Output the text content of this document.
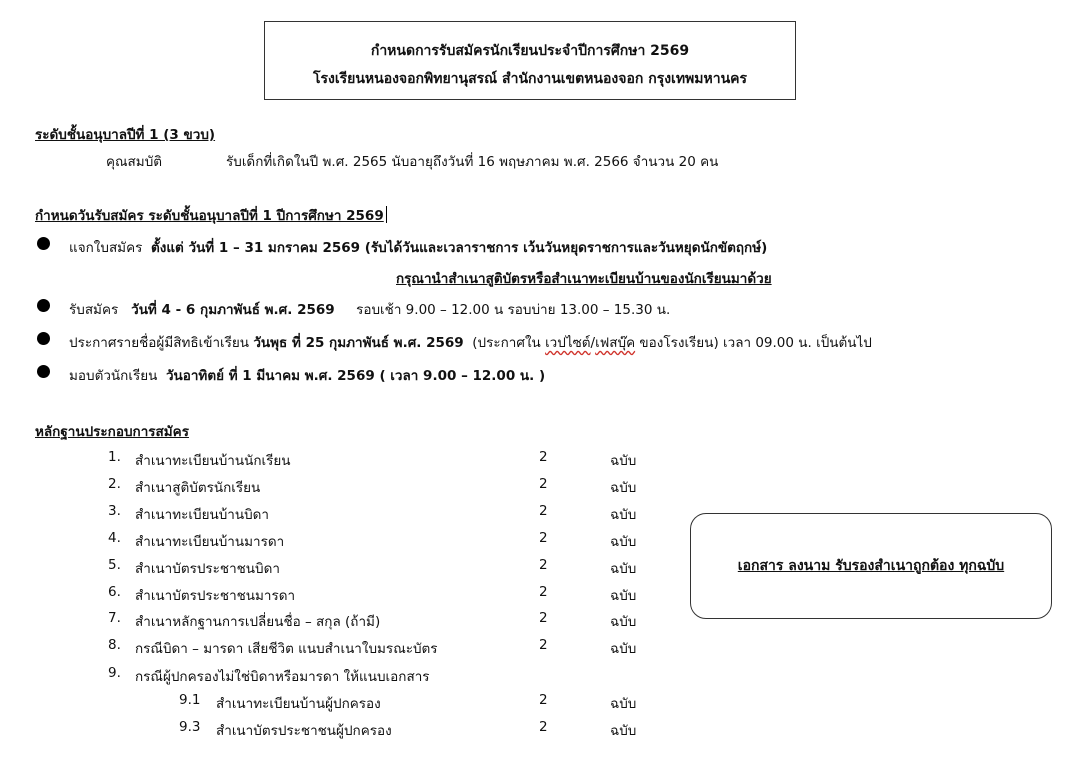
กำหนดการรับสมัครนักเรียนประจำปีการศึกษา 2569
โรงเรียนหนองจอกพิทยานุสรณ์ สำนักงานเขตหนองจอก กรุงเทพมหานคร
ระดับชั้นอนุบาลปีที่ 1 (3 ขวบ)
คุณสมบัติ	รับเด็กที่เกิดในปี พ.ศ. 2565 นับอายุถึงวันที่ 16 พฤษภาคม พ.ศ. 2566 จำนวน 20 คน
กำหนดวันรับสมัคร ระดับชั้นอนุบาลปีที่ 1 ปีการศึกษา 2569
แจกใบสมัคร ตั้งแต่ วันที่ 1 – 31 มกราคม 2569 (รับได้วันและเวลาราชการ เว้นวันหยุดราชการและวันหยุดนักขัตฤกษ์)
กรุณานำสำเนาสูติบัตรหรือสำเนาทะเบียนบ้านของนักเรียนมาด้วย
รับสมัคร วันที่ 4 - 6 กุมภาพันธ์ พ.ศ. 2569 รอบเช้า 9.00 – 12.00 น รอบบ่าย 13.00 – 15.30 น.
ประกาศรายชื่อผู้มีสิทธิเข้าเรียน วันพุธ ที่ 25 กุมภาพันธ์ พ.ศ. 2569 (ประกาศใน เวปไซต์/เฟสบุ๊ค ของโรงเรียน) เวลา 09.00 น. เป็นต้นไป
มอบตัวนักเรียน วันอาทิตย์ ที่ 1 มีนาคม พ.ศ. 2569 ( เวลา 9.00 – 12.00 น. )
หลักฐานประกอบการสมัคร
1. สำเนาทะเบียนบ้านนักเรียน	2	ฉบับ
2. สำเนาสูติบัตรนักเรียน	2	ฉบับ
3. สำเนาทะเบียนบ้านบิดา	2	ฉบับ
4. สำเนาทะเบียนบ้านมารดา	2	ฉบับ
5. สำเนาบัตรประชาชนบิดา	2	ฉบับ
6. สำเนาบัตรประชาชนมารดา	2	ฉบับ
7. สำเนาหลักฐานการเปลี่ยนชื่อ – สกุล (ถ้ามี)	2	ฉบับ
8. กรณีบิดา – มารดา เสียชีวิต แนบสำเนาใบมรณะบัตร	2	ฉบับ
9. กรณีผู้ปกครองไม่ใช่บิดาหรือมารดา ให้แนบเอกสาร
9.1 สำเนาทะเบียนบ้านผู้ปกครอง	2	ฉบับ
9.3 สำเนาบัตรประชาชนผู้ปกครอง	2	ฉบับ
เอกสาร ลงนาม รับรองสำเนาถูกต้อง ทุกฉบับ
